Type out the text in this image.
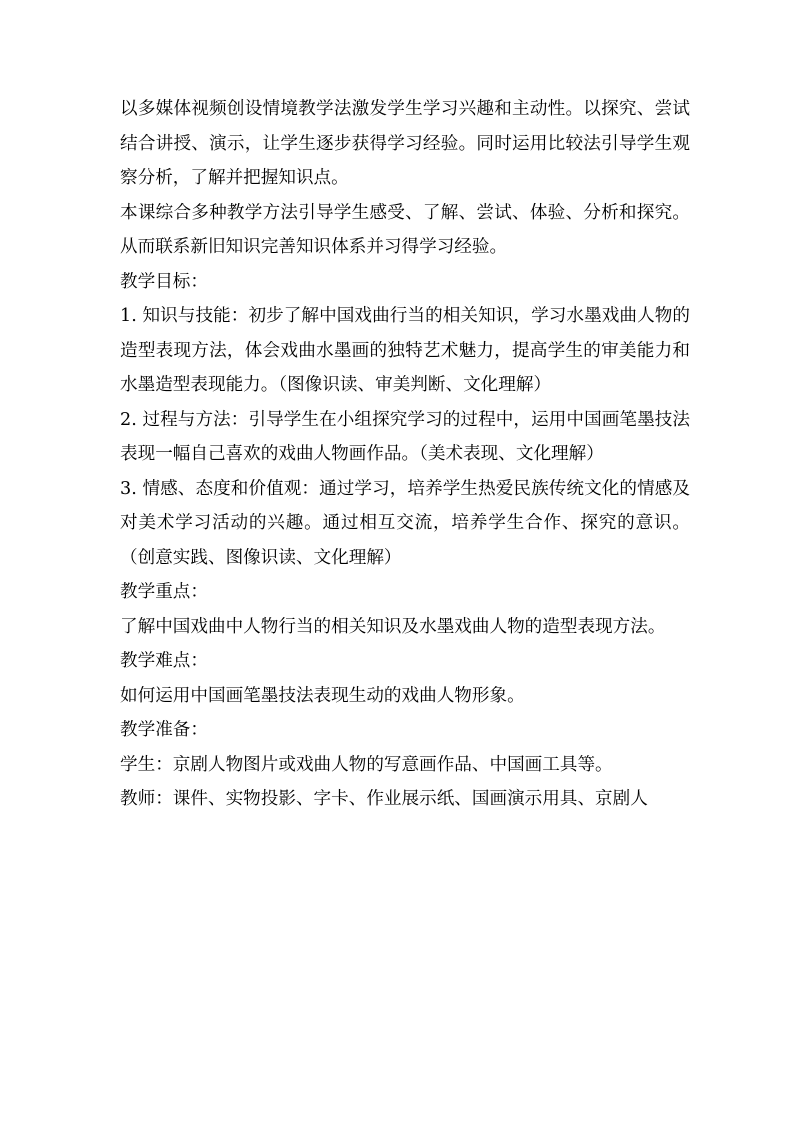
以多媒体视频创设情境教学法激发学生学习兴趣和主动性。以探究、尝试结合讲授、演示，让学生逐步获得学习经验。同时运用比较法引导学生观察分析，了解并把握知识点。

本课综合多种教学方法引导学生感受、了解、尝试、体验、分析和探究。从而联系新旧知识完善知识体系并习得学习经验。

教学目标：

1. 知识与技能：初步了解中国戏曲行当的相关知识，学习水墨戏曲人物的造型表现方法，体会戏曲水墨画的独特艺术魅力，提高学生的审美能力和水墨造型表现能力。（图像识读、审美判断、文化理解）

2. 过程与方法：引导学生在小组探究学习的过程中，运用中国画笔墨技法表现一幅自己喜欢的戏曲人物画作品。（美术表现、文化理解）

3. 情感、态度和价值观：通过学习，培养学生热爱民族传统文化的情感及对美术学习活动的兴趣。通过相互交流，培养学生合作、探究的意识。（创意实践、图像识读、文化理解）

教学重点：

了解中国戏曲中人物行当的相关知识及水墨戏曲人物的造型表现方法。

教学难点：

如何运用中国画笔墨技法表现生动的戏曲人物形象。

教学准备：

学生：京剧人物图片或戏曲人物的写意画作品、中国画工具等。

教师：课件、实物投影、字卡、作业展示纸、国画演示用具、京剧人
